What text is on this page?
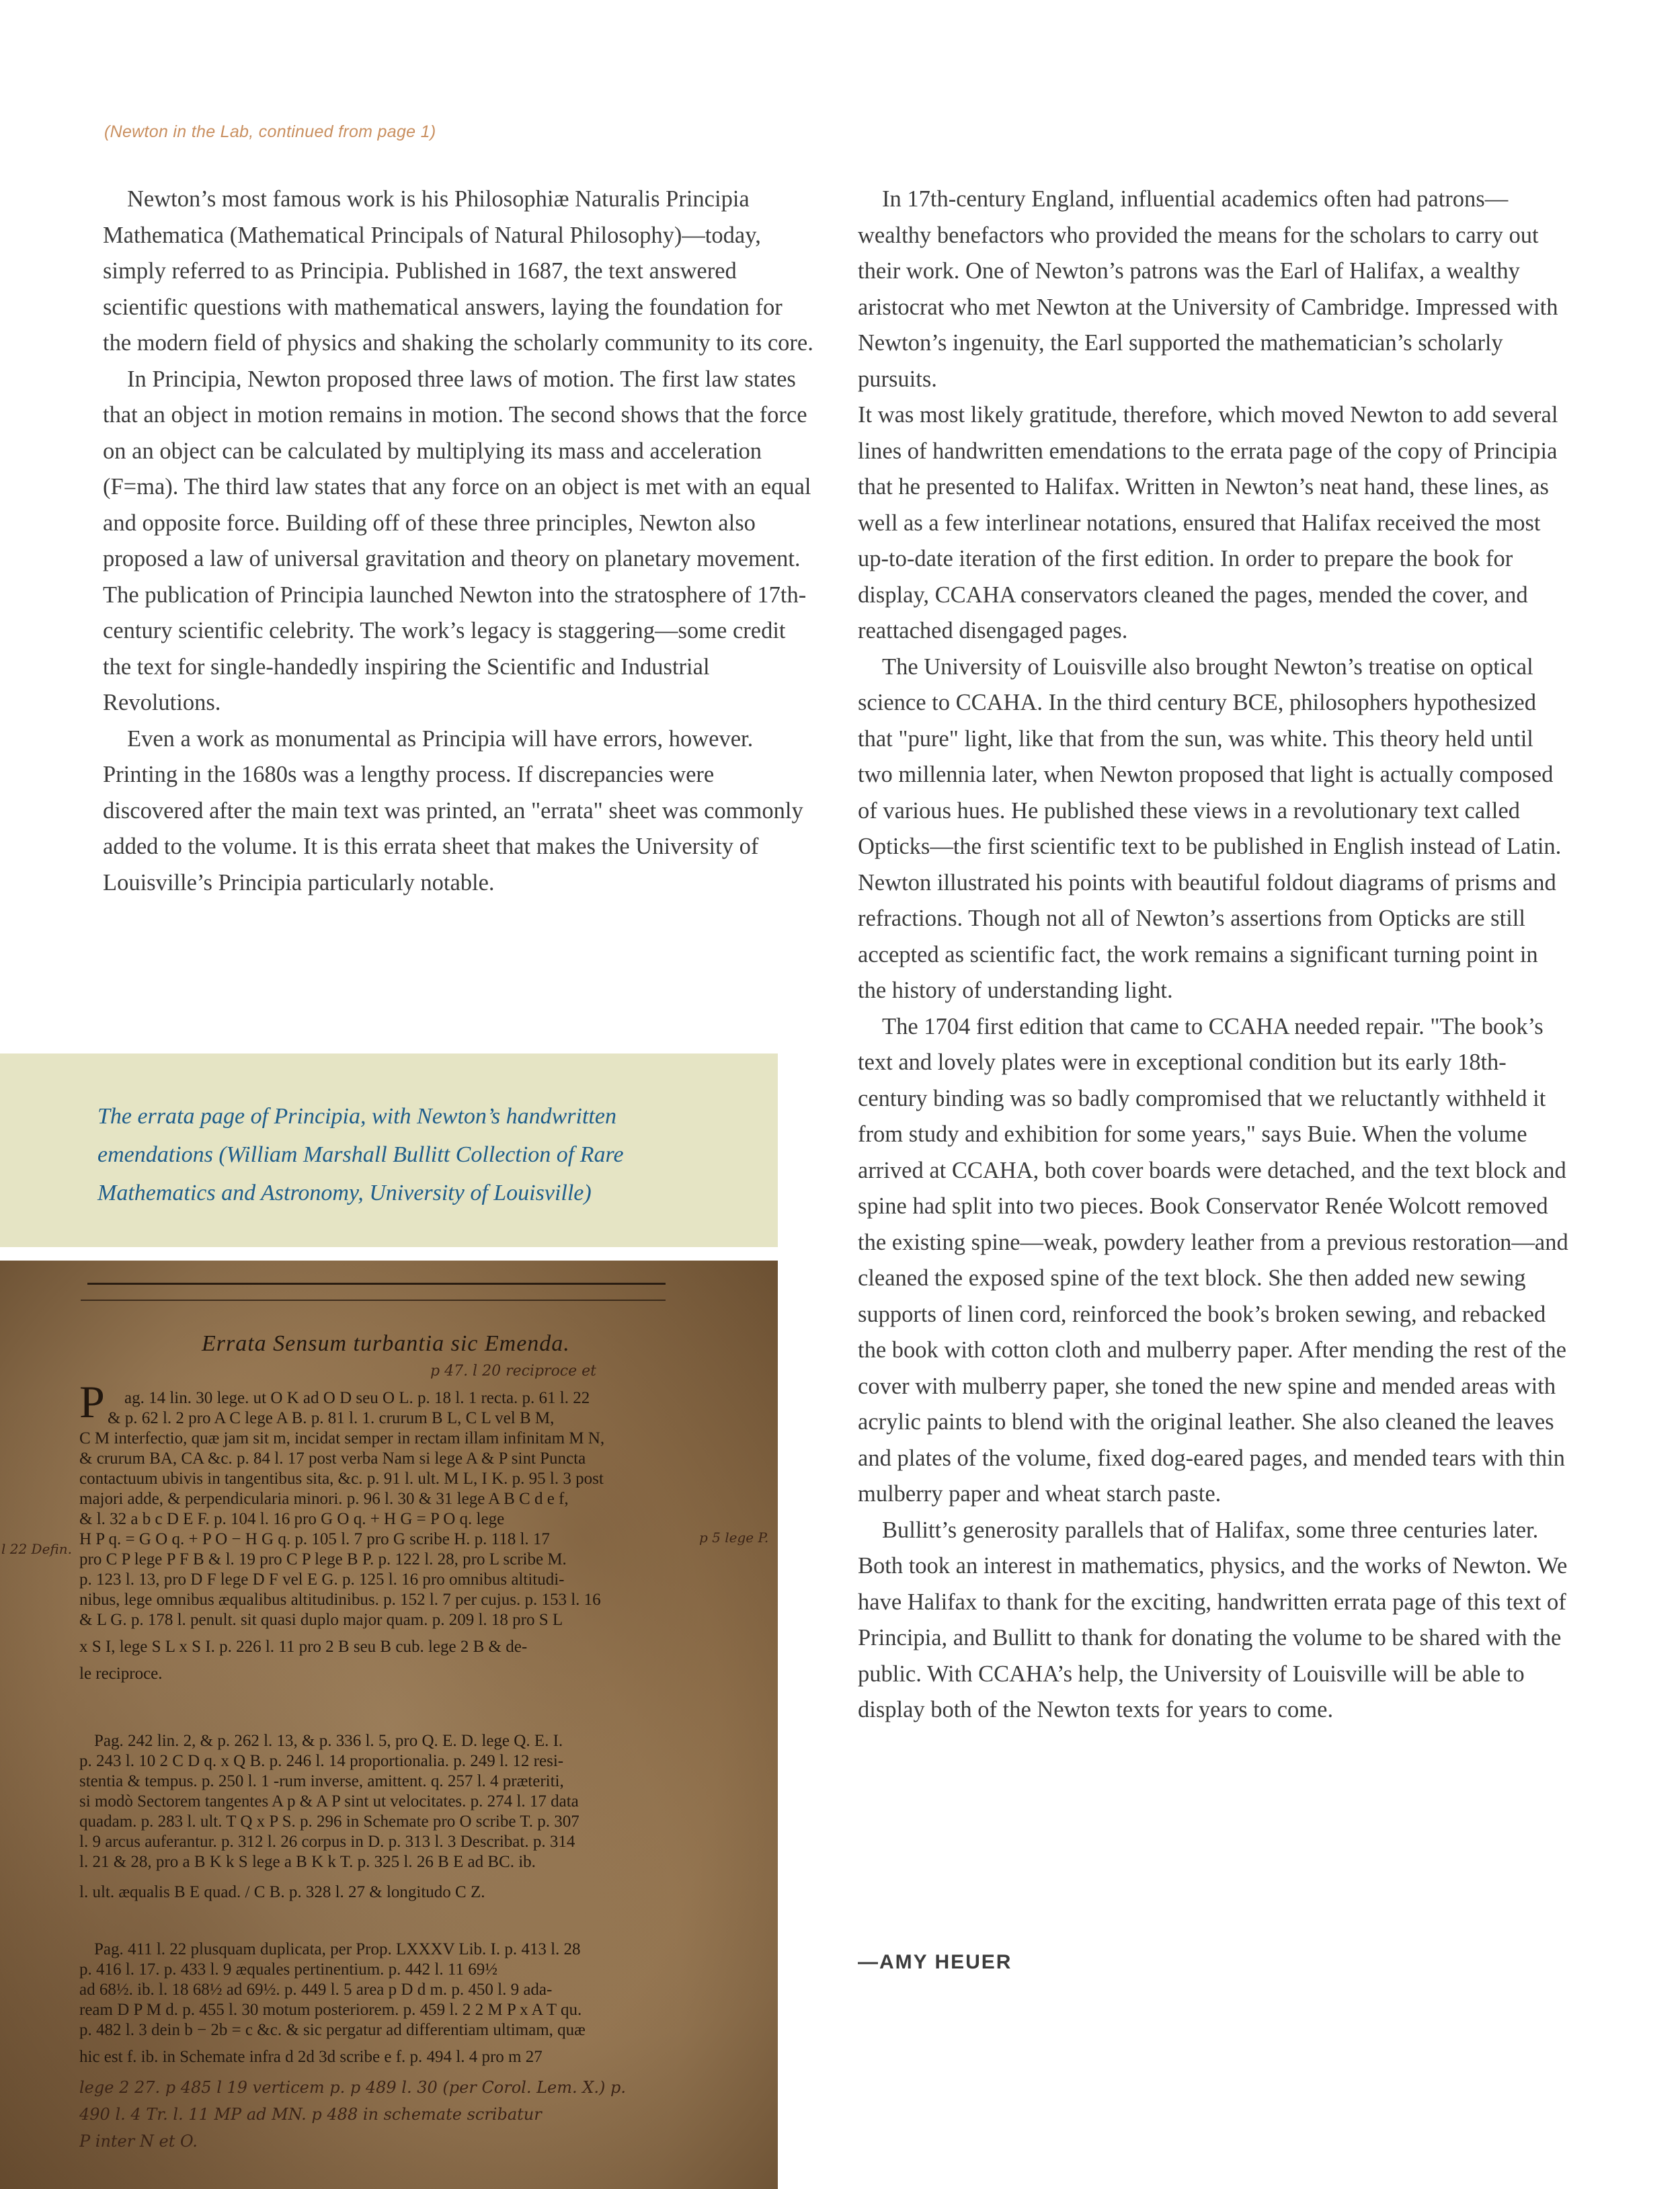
(Newton in the Lab, continued from page 1)

Newton’s most famous work is his Philosophiæ Naturalis Principia Mathematica (Mathematical Principals of Natural Philosophy)—today, simply referred to as Principia. Published in 1687, the text answered scientific questions with mathematical answers, laying the foundation for the modern field of physics and shaking the scholarly community to its core.

In Principia, Newton proposed three laws of motion. The first law states that an object in motion remains in motion. The second shows that the force on an object can be calculated by multiplying its mass and acceleration (F=ma). The third law states that any force on an object is met with an equal and opposite force. Building off of these three principles, Newton also proposed a law of universal gravitation and theory on planetary movement. The publication of Principia launched Newton into the stratosphere of 17th-century scientific celebrity. The work’s legacy is staggering—some credit the text for single-handedly inspiring the Scientific and Industrial Revolutions.

Even a work as monumental as Principia will have errors, however. Printing in the 1680s was a lengthy process. If discrepancies were discovered after the main text was printed, an "errata" sheet was commonly added to the volume. It is this errata sheet that makes the University of Louisville’s Principia particularly notable.

The errata page of Principia, with Newton’s handwritten emendations (William Marshall Bullitt Collection of Rare Mathematics and Astronomy, University of Louisville)
Errata Sensum turbantia sic Emenda.
P
p 47. l 20 reciproce et
l 22 Defin.
p 5 lege P.
ag. 14 lin. 30 lege. ut O K ad O D seu O L. p. 18 l. 1 recta. p. 61 l. 22
& p. 62 l. 2 pro A C lege A B. p. 81 l. 1. crurum B L, C L vel B M,
C M interfectio, quæ jam sit m, incidat semper in rectam illam infinitam M N,
& crurum BA, CA &c. p. 84 l. 17 post verba Nam si lege A & P sint Puncta
contactuum ubivis in tangentibus sita, &c. p. 91 l. ult. M L, I K. p. 95 l. 3 post
majori adde, & perpendicularia minori. p. 96 l. 30 & 31 lege A B C d e f,
& l. 32 a b c D E F. p. 104 l. 16 pro G O q. + H G = P O q. lege
H P q. = G O q. + P O − H G q. p. 105 l. 7 pro G scribe H. p. 118 l. 17
pro C P lege P F B & l. 19 pro C P lege B P. p. 122 l. 28, pro L scribe M.
p. 123 l. 13, pro D F lege D F vel E G. p. 125 l. 16 pro omnibus altitudi-
nibus, lege omnibus æqualibus altitudinibus. p. 152 l. 7 per cujus. p. 153 l. 16
& L G. p. 178 l. penult. sit quasi duplo major quam. p. 209 l. 18 pro S L
x S I, lege S L x S I. p. 226 l. 11 pro 2 B seu B cub. lege 2 B & de-
le reciproce.
Pag. 242 lin. 2, & p. 262 l. 13, & p. 336 l. 5, pro Q. E. D. lege Q. E. I.
p. 243 l. 10 2 C D q. x Q B. p. 246 l. 14 proportionalia. p. 249 l. 12 resi-
stentia & tempus. p. 250 l. 1 -rum inverse, amittent. q. 257 l. 4 præteriti,
si modò Sectorem tangentes A p & A P sint ut velocitates. p. 274 l. 17 data
quadam. p. 283 l. ult. T Q x P S. p. 296 in Schemate pro O scribe T. p. 307
l. 9 arcus auferantur. p. 312 l. 26 corpus in D. p. 313 l. 3 Describat. p. 314
l. 21 & 28, pro a B K k S lege a B K k T. p. 325 l. 26 B E ad BC. ib.
l. ult. æqualis B E quad. / C B. p. 328 l. 27 & longitudo C Z.
Pag. 411 l. 22 plusquam duplicata, per Prop. LXXXV Lib. I. p. 413 l. 28
p. 416 l. 17. p. 433 l. 9 æquales pertinentium. p. 442 l. 11 69½
ad 68½. ib. l. 18 68½ ad 69½. p. 449 l. 5 area p D d m. p. 450 l. 9 ada-
ream D P M d. p. 455 l. 30 motum posteriorem. p. 459 l. 2 2 M P x A T qu.
p. 482 l. 3 dein b − 2b = c &c. & sic pergatur ad differentiam ultimam, quæ
hic est f. ib. in Schemate infra d 2d 3d scribe e f. p. 494 l. 4 pro m 27
lege 2 27. p 485 l 19 verticem p. p 489 l. 30 (per Corol. Lem. X.) p.
490 l. 4 Tr. l. 11 MP ad MN. p 488 in schemate scribatur
P inter N et O.

In 17th-century England, influential academics often had patrons—wealthy benefactors who provided the means for the scholars to carry out their work. One of Newton’s patrons was the Earl of Halifax, a wealthy aristocrat who met Newton at the University of Cambridge. Impressed with Newton’s ingenuity, the Earl supported the mathematician’s scholarly pursuits.

It was most likely gratitude, therefore, which moved Newton to add several lines of handwritten emendations to the errata page of the copy of Principia that he presented to Halifax. Written in Newton’s neat hand, these lines, as well as a few interlinear notations, ensured that Halifax received the most up-to-date iteration of the first edition. In order to prepare the book for display, CCAHA conservators cleaned the pages, mended the cover, and reattached disengaged pages.

The University of Louisville also brought Newton’s treatise on optical science to CCAHA. In the third century BCE, philosophers hypothesized that "pure" light, like that from the sun, was white. This theory held until two millennia later, when Newton proposed that light is actually composed of various hues. He published these views in a revolutionary text called Opticks—the first scientific text to be published in English instead of Latin. Newton illustrated his points with beautiful foldout diagrams of prisms and refractions. Though not all of Newton’s assertions from Opticks are still accepted as scientific fact, the work remains a significant turning point in the history of understanding light.

The 1704 first edition that came to CCAHA needed repair. "The book’s text and lovely plates were in exceptional condition but its early 18th-century binding was so badly compromised that we reluctantly withheld it from study and exhibition for some years," says Buie. When the volume arrived at CCAHA, both cover boards were detached, and the text block and spine had split into two pieces. Book Conservator Renée Wolcott removed the existing spine—weak, powdery leather from a previous restoration—and cleaned the exposed spine of the text block. She then added new sewing supports of linen cord, reinforced the book’s broken sewing, and rebacked the book with cotton cloth and mulberry paper. After mending the rest of the cover with mulberry paper, she toned the new spine and mended areas with acrylic paints to blend with the original leather. She also cleaned the leaves and plates of the volume, fixed dog-eared pages, and mended tears with thin mulberry paper and wheat starch paste.

Bullitt’s generosity parallels that of Halifax, some three centuries later. Both took an interest in mathematics, physics, and the works of Newton. We have Halifax to thank for the exciting, handwritten errata page of this text of Principia, and Bullitt to thank for donating the volume to be shared with the public. With CCAHA’s help, the University of Louisville will be able to display both of the Newton texts for years to come.

—AMY HEUER
